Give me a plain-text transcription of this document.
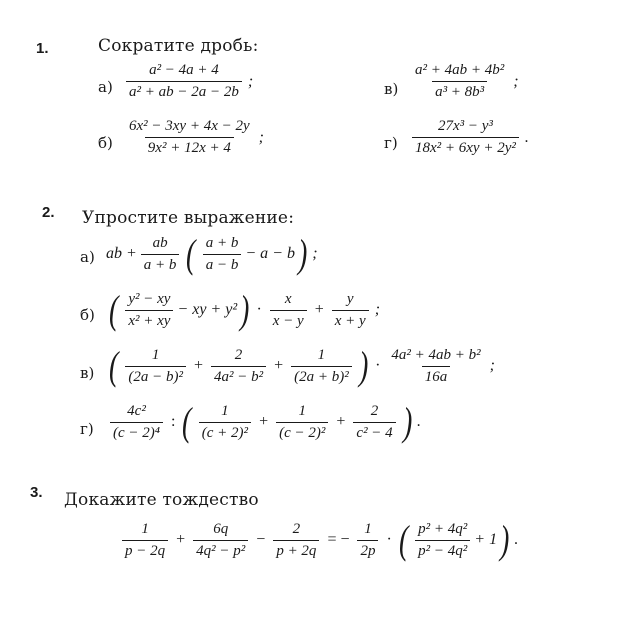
1.	Сократите дробь:
$а) \frac{\text{a² − 4a + 4}}{\text{a² + ab − 2a − 2b}}$ ;
$б) \frac{\text{6x² − 3xy + 4x − 2y}}{\text{9x² + 12x + 4}}$ ;
$в) \frac{\text{a² + 4ab + 4b²}}{\text{a³ + 8b³}}$ ;
$г) \frac{\text{27x³ − y³}}{\text{18x² + 6xy + 2y²}}$ .
2. Упростите выражение:
а) ab + $\frac{ab}{a + b}$ ( $\frac{a + b}{a - b} - a - b$ ) ;
б) ( $\frac{\text{y² − xy}}{\text{x² + xy}}$ − xy + y² ) · $\frac{x}{x - y} + \frac{y}{x + y}$ ;
в) ( $\frac{1}{\text{(2a − b)²}} + \frac{2}{\text{4a² − b²}} + \frac{1}{\text{(2a + b)²}}$ ) · $\frac{\text{4a² + 4ab + b²}}{16a}$ ;
$г) \frac{\text{4c²}}{\text{(c − 2)⁴}}$ : ( $\frac{1}{\text{(c + 2)²}} + \frac{1}{\text{(c − 2)²}} + \frac{2}{\text{c² − 4}}$ ) .
3. Докажите тождество
$\frac{1}{p - 2q} + \frac{6q}{\text{4q² − p²}} - \frac{2}{p + 2q}$ = − $\frac{1}{2p}$ · ( $\frac{\text{p² + 4q²}}{\text{p² − 4q²}} + 1$ ) .
